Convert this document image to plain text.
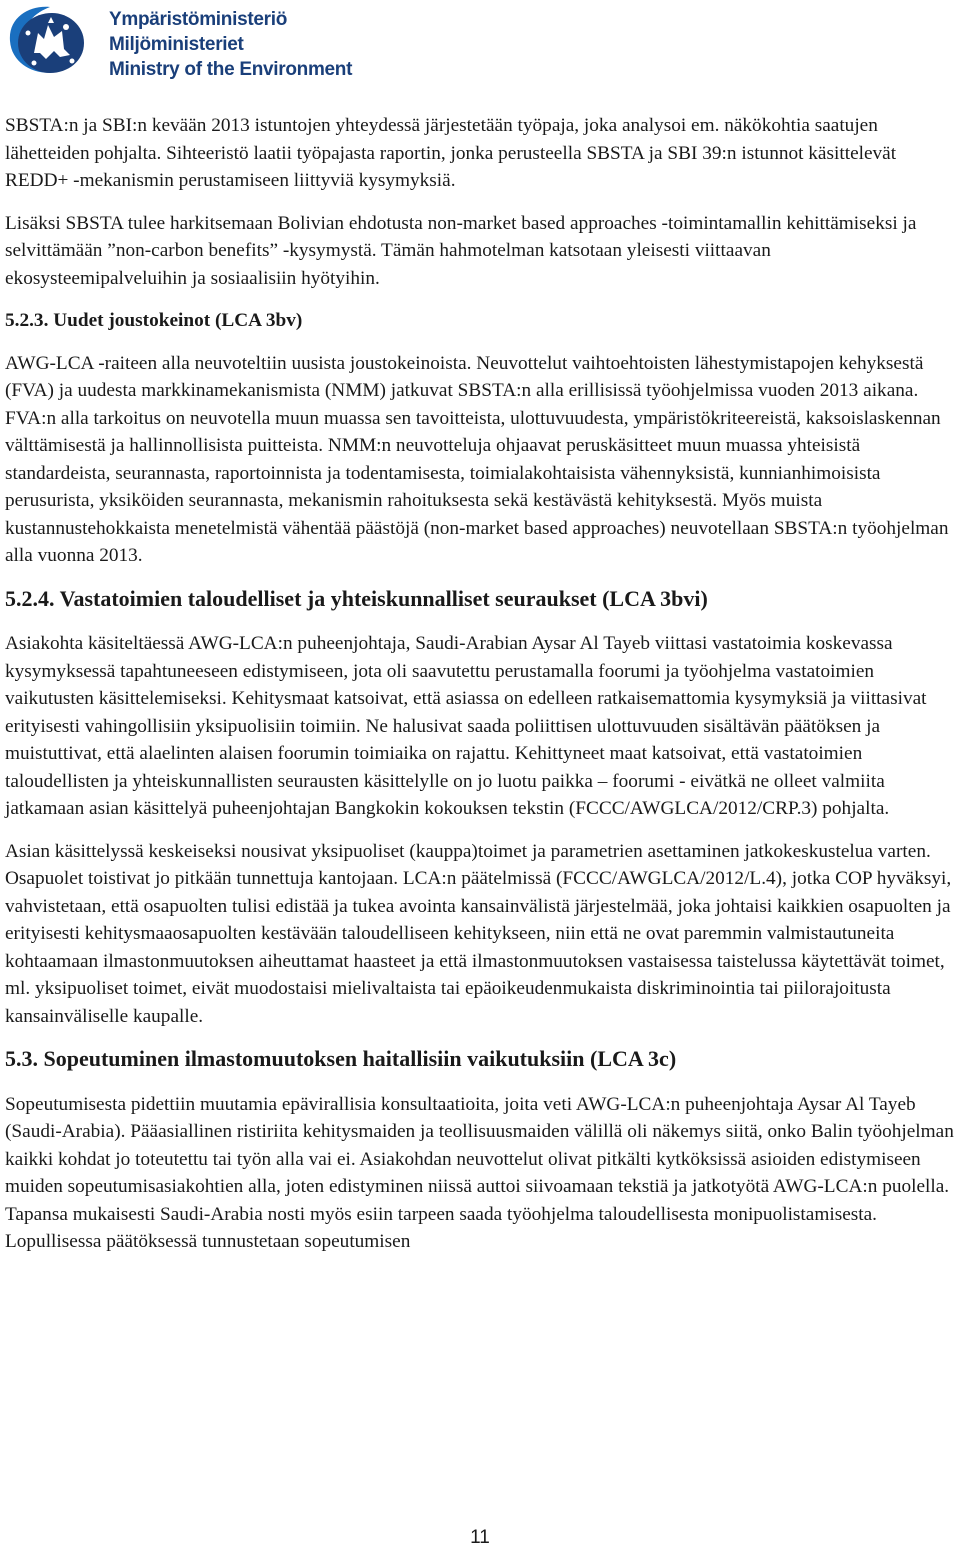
Ympäristöministeriö
Miljöministeriet
Ministry of the Environment

SBSTA:n ja SBI:n kevään 2013 istuntojen yhteydessä järjestetään työpaja, joka analysoi em. näkökohtia saatujen lähetteiden pohjalta. Sihteeristö laatii työpajasta raportin, jonka perusteella SBSTA ja SBI 39:n istunnot käsittelevät REDD+ -mekanismin perustamiseen liittyviä kysymyksiä.

Lisäksi SBSTA tulee harkitsemaan Bolivian ehdotusta non-market based approaches -toimintamallin kehittämiseksi ja selvittämään ”non-carbon benefits” -kysymystä. Tämän hahmotelman katsotaan yleisesti viittaavan ekosysteemipalveluihin ja sosiaalisiin hyötyihin.

5.2.3. Uudet joustokeinot (LCA 3bv)

AWG-LCA -raiteen alla neuvoteltiin uusista joustokeinoista. Neuvottelut vaihtoehtoisten lähestymistapojen kehyksestä (FVA) ja uudesta markkinamekanismista (NMM) jatkuvat SBSTA:n alla erillisissä työohjelmissa vuoden 2013 aikana. FVA:n alla tarkoitus on neuvotella muun muassa sen tavoitteista, ulottuvuudesta, ympäristökriteereistä, kaksoislaskennan välttämisestä ja hallinnollisista puitteista. NMM:n neuvotteluja ohjaavat peruskäsitteet muun muassa yhteisistä standardeista, seurannasta, raportoinnista ja todentamisesta, toimialakohtaisista vähennyksistä, kunnianhimoisista perusurista, yksiköiden seurannasta, mekanismin rahoituksesta sekä kestävästä kehityksestä. Myös muista kustannustehokkaista menetelmistä vähentää päästöjä (non-market based approaches) neuvotellaan SBSTA:n työohjelman alla vuonna 2013.

5.2.4. Vastatoimien taloudelliset ja yhteiskunnalliset seuraukset (LCA 3bvi)

Asiakohta käsiteltäessä AWG-LCA:n puheenjohtaja, Saudi-Arabian Aysar Al Tayeb viittasi vastatoimia koskevassa kysymyksessä tapahtuneeseen edistymiseen, jota oli saavutettu perustamalla foorumi ja työohjelma vastatoimien vaikutusten käsittelemiseksi. Kehitysmaat katsoivat, että asiassa on edelleen ratkaisemattomia kysymyksiä ja viittasivat erityisesti vahingollisiin yksipuolisiin toimiin. Ne halusivat saada poliittisen ulottuvuuden sisältävän päätöksen ja muistuttivat, että alaelinten alaisen foorumin toimiaika on rajattu. Kehittyneet maat katsoivat, että vastatoimien taloudellisten ja yhteiskunnallisten seurausten käsittelylle on jo luotu paikka – foorumi - eivätkä ne olleet valmiita jatkamaan asian käsittelyä puheenjohtajan Bangkokin kokouksen tekstin (FCCC/AWGLCA/2012/CRP.3) pohjalta.

Asian käsittelyssä keskeiseksi nousivat yksipuoliset (kauppa)toimet ja parametrien asettaminen jatkokeskustelua varten. Osapuolet toistivat jo pitkään tunnettuja kantojaan. LCA:n päätelmissä (FCCC/AWGLCA/2012/L.4), jotka COP hyväksyi, vahvistetaan, että osapuolten tulisi edistää ja tukea avointa kansainvälistä järjestelmää, joka johtaisi kaikkien osapuolten ja erityisesti kehitysmaaosapuolten kestävään taloudelliseen kehitykseen, niin että ne ovat paremmin valmistautuneita kohtaamaan ilmastonmuutoksen aiheuttamat haasteet ja että ilmastonmuutoksen vastaisessa taistelussa käytettävät toimet, ml. yksipuoliset toimet, eivät muodostaisi mielivaltaista tai epäoikeudenmukaista diskriminointia tai piilorajoitusta kansainväliselle kaupalle.

5.3. Sopeutuminen ilmastomuutoksen haitallisiin vaikutuksiin (LCA 3c)

Sopeutumisesta pidettiin muutamia epävirallisia konsultaatioita, joita veti AWG-LCA:n puheenjohtaja Aysar Al Tayeb (Saudi-Arabia). Pääasiallinen ristiriita kehitysmaiden ja teollisuusmaiden välillä oli näkemys siitä, onko Balin työohjelman kaikki kohdat jo toteutettu tai työn alla vai ei. Asiakohdan neuvottelut olivat pitkälti kytköksissä asioiden edistymiseen muiden sopeutumisasiakohtien alla, joten edistyminen niissä auttoi siivoamaan tekstiä ja jatkotyötä AWG-LCA:n puolella. Tapansa mukaisesti Saudi-Arabia nosti myös esiin tarpeen saada työohjelma taloudellisesta monipuolistamisesta. Lopullisessa päätöksessä tunnustetaan sopeutumisen

11
